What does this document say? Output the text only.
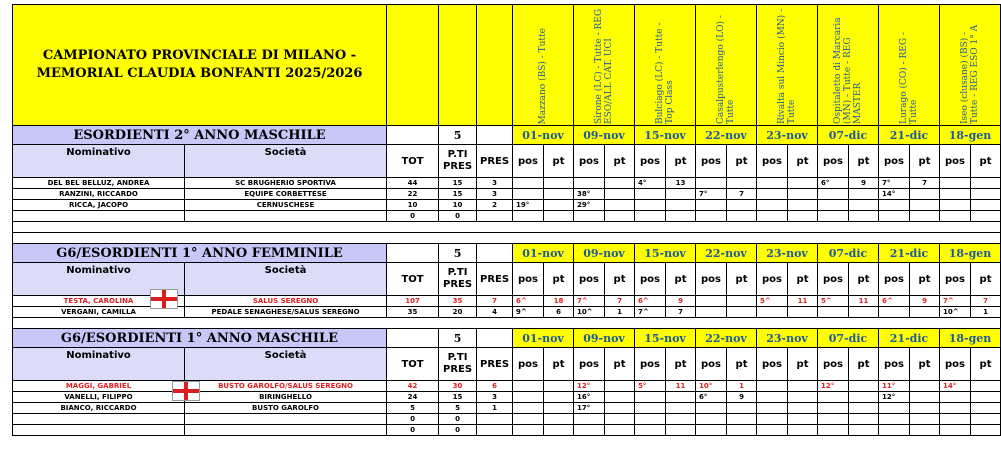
CAMPIONATO PROVINCIALE DI MILANO - MEMORIAL CLAUDIA BONFANTI 2025/2026					Mazzano (BS) - Tutte		Sirone (LC) - Tutte - REG ESO/ALL CAT. UCI		Bulciago (LC) - Tutte - Top Class		Casalpusterlengo (LO) - Tutte		Rivalta sul Mincio (MN) - Tutte		Ospitaletto di Marcaria (MN) - Tutte - REG MASTER		Lurago (CO) - REG - Tutte		Iseo (clusane) (BS) - Tutte - REG ESO 1° A	

ESORDIENTI 2° ANNO MASCHILE			5		01-nov		09-nov		15-nov		22-nov		23-nov		07-dic		21-dic		18-gen	
Nominativo	Società	TOT	P.TI PRES	PRES	pos	pt	pos	pt	pos	pt	pos	pt	pos	pt	pos	pt	pos	pt	pos	pt
DEL BEL BELLUZ, ANDREA	SC BRUGHERIO SPORTIVA	44	15	3					4°	13					6°	9	7°	7		
RANZINI, RICCARDO	EQUIPE CORBETTESE	22	15	3			38°				7°	7					14°			
RICCA, JACOPO	CERNUSCHESE	10	10	2	19°		29°													
		0	0																	

G6/ESORDIENTI 1° ANNO FEMMINILE			5		01-nov		09-nov		15-nov		22-nov		23-nov		07-dic		21-dic		18-gen	
Nominativo	Società	TOT	P.TI PRES	PRES	pos	pt	pos	pt	pos	pt	pos	pt	pos	pt	pos	pt	pos	pt	pos	pt
TESTA, CAROLINA	SALUS SEREGNO	107	35	7	6^	18	7^	7	6^	9			5^	11	5^	11	6^	9	7^	7
VERGANI, CAMILLA	PEDALE SENAGHESE/SALUS SEREGNO	35	20	4	9^	6	10^	1	7^	7									10^	1

G6/ESORDIENTI 1° ANNO MASCHILE			5		01-nov		09-nov		15-nov		22-nov		23-nov		07-dic		21-dic		18-gen	
Nominativo	Società	TOT	P.TI PRES	PRES	pos	pt	pos	pt	pos	pt	pos	pt	pos	pt	pos	pt	pos	pt	pos	pt
MAGGI, GABRIEL	BUSTO GAROLFO/SALUS SEREGNO	42	30	6			12°		5°	11	10°	1			12°		11°		14°	
VANELLI, FILIPPO	BIRINGHELLO	24	15	3			16°				6°	9					12°			
BIANCO, RICCARDO	BUSTO GAROLFO	5	5	1			17°													
		0	0																	
		0	0																	
